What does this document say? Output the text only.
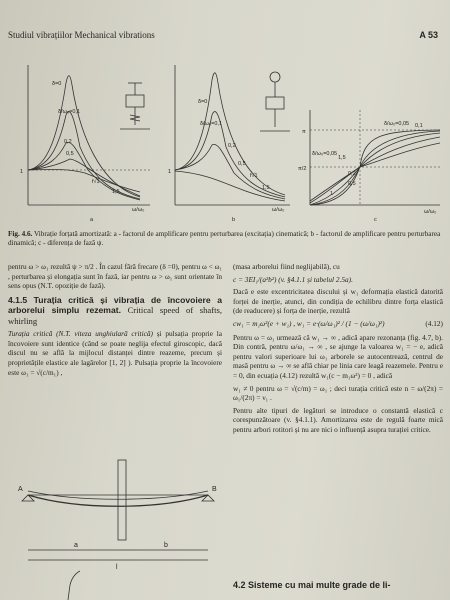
Studiul vibrațiilor Mechanical vibrations	A 53
δ=0
δ/ω₀=0,1
0,2
0,5
f√1
1,5
δ=0
δ/ω₀=0,1
0,2
0,5
f√1
1,5
δ/ω₀=0,05 0,1
0,2
0,5
1
1,5
δ/ω₀=0,05
1	1
π
π/2
ω/ω₀	ω/ω₀	ω/ω₀
a	b	c
Fig. 4.6. Vibrație forțată amortizată: a - factorul de amplificare pentru perturbarea (excitația) cinematică; b - factorul de amplificare pentru perturbarea dinamică; c - diferența de fază ψ.

pentru ω > ω₁ rezultă ψ > π/2 . În cazul fără frecare (δ =0), pentru ω < ω₁ , perturbarea și elongația sunt în fază, iar pentru ω > ω₁ sunt orientate în sens opus (N.T. opoziție de fază).

4.1.5 Turația critică și vibrația de încovoiere a arborelui simplu rezemat. Critical speed of shafts, whirling

Turația critică (N.T. viteza unghiulară critică) și pulsația proprie la încovoiere sunt identice (când se poate neglija efectul giroscopic, dacă discul nu se află la mijlocul distanței dintre reazeme, precum și proprietățile elastice ale lagărelor [1, 2] ). Pulsația proprie la încovoiere este ω₁ = √(c/m₁) ,

A	B
a	b
l

(masa arborelui fiind neglijabilă), cu

c = 3EI₁/(a²b²) (v. §4.1.1 și tabelul 2.5a).

Dacă e este excentricitatea discului și w₁ deformația elastică datorită forței de inerție, atunci, din condiția de echilibru dintre forța elastică (de readucere) și forța de inerție, rezultă

cw₁ = m₁ω²(e + w₁) , w₁ = e·(ω/ω₁)² / (1 − (ω/ω₁)²)	(4.12)

Pentru ω = ω₁ urmează că w₁ → ∞ , adică apare rezonanța (fig. 4.7, b). Din contră, pentru ω/ω₁ → ∞ , se ajunge la valoarea w₁ = − e, adică pentru valori superioare lui ω₁ arborele se autocentrează, centrul de masă pentru ω → ∞ se află chiar pe linia care leagă reazemele. Pentru e = 0, din ecuația (4.12) rezultă w₁(c − m₁ω²) = 0 , adică

w₁ ≠ 0 pentru ω = √(c/m) = ω₁ ; deci turația critică este n = ω/(2π) = ω₁/(2π) = ν₁ .

Pentru alte tipuri de legături se introduce o constantă elastică c corespunzătoare (v. §4.1.1). Amortizarea este de regulă foarte mică pentru arbori rotitori și nu are nici o influență asupra turației critice.

4.2 Sisteme cu mai multe grade de li-
